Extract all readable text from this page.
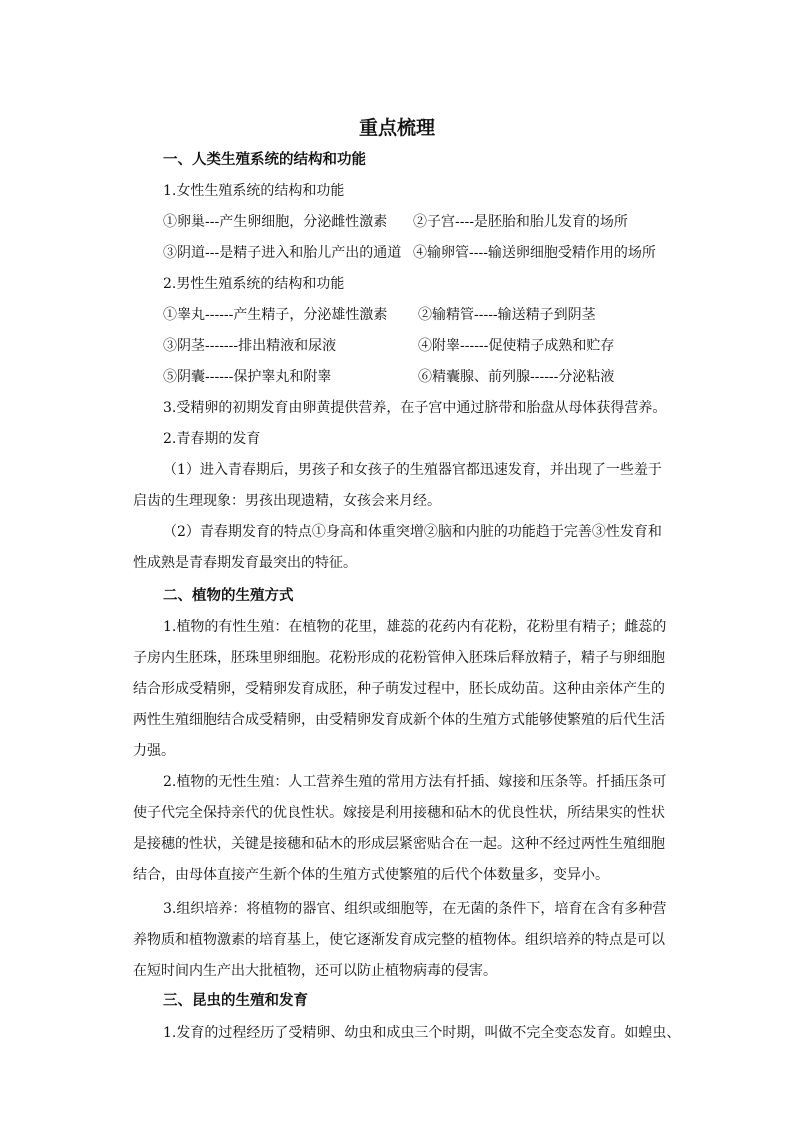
重点梳理
一、人类生殖系统的结构和功能
1.女性生殖系统的结构和功能
①卵巢---产生卵细胞，分泌雌性激素 ②子宫----是胚胎和胎儿发育的场所
③阴道---是精子进入和胎儿产出的通道 ④输卵管----输送卵细胞受精作用的场所
2.男性生殖系统的结构和功能
①睾丸------产生精子，分泌雄性激素 ②输精管-----输送精子到阴茎
③阴茎-------排出精液和尿液	④附睾------促使精子成熟和贮存
⑤阴囊------保护睾丸和附睾	⑥精囊腺、前列腺------分泌粘液
3.受精卵的初期发育由卵黄提供营养，在子宫中通过脐带和胎盘从母体获得营养。
2.青春期的发育
（1）进入青春期后，男孩子和女孩子的生殖器官都迅速发育，并出现了一些羞于
启齿的生理现象：男孩出现遗精，女孩会来月经。
（2）青春期发育的特点①身高和体重突增②脑和内脏的功能趋于完善③性发育和
性成熟是青春期发育最突出的特征。
二、植物的生殖方式
1.植物的有性生殖：在植物的花里，雄蕊的花药内有花粉，花粉里有精子；雌蕊的
子房内生胚珠，胚珠里卵细胞。花粉形成的花粉管伸入胚珠后释放精子，精子与卵细胞
结合形成受精卵，受精卵发育成胚，种子萌发过程中，胚长成幼苗。这种由亲体产生的
两性生殖细胞结合成受精卵，由受精卵发育成新个体的生殖方式能够使繁殖的后代生活
力强。
2.植物的无性生殖：人工营养生殖的常用方法有扦插、嫁接和压条等。扦插压条可
使子代完全保持亲代的优良性状。嫁接是利用接穗和砧木的优良性状，所结果实的性状
是接穗的性状，关键是接穗和砧木的形成层紧密贴合在一起。这种不经过两性生殖细胞
结合，由母体直接产生新个体的生殖方式使繁殖的后代个体数量多，变异小。
3.组织培养：将植物的器官、组织或细胞等，在无菌的条件下，培育在含有多种营
养物质和植物激素的培育基上，使它逐渐发育成完整的植物体。组织培养的特点是可以
在短时间内生产出大批植物，还可以防止植物病毒的侵害。
三、昆虫的生殖和发育
1.发育的过程经历了受精卵、幼虫和成虫三个时期，叫做不完全变态发育。如蝗虫、
